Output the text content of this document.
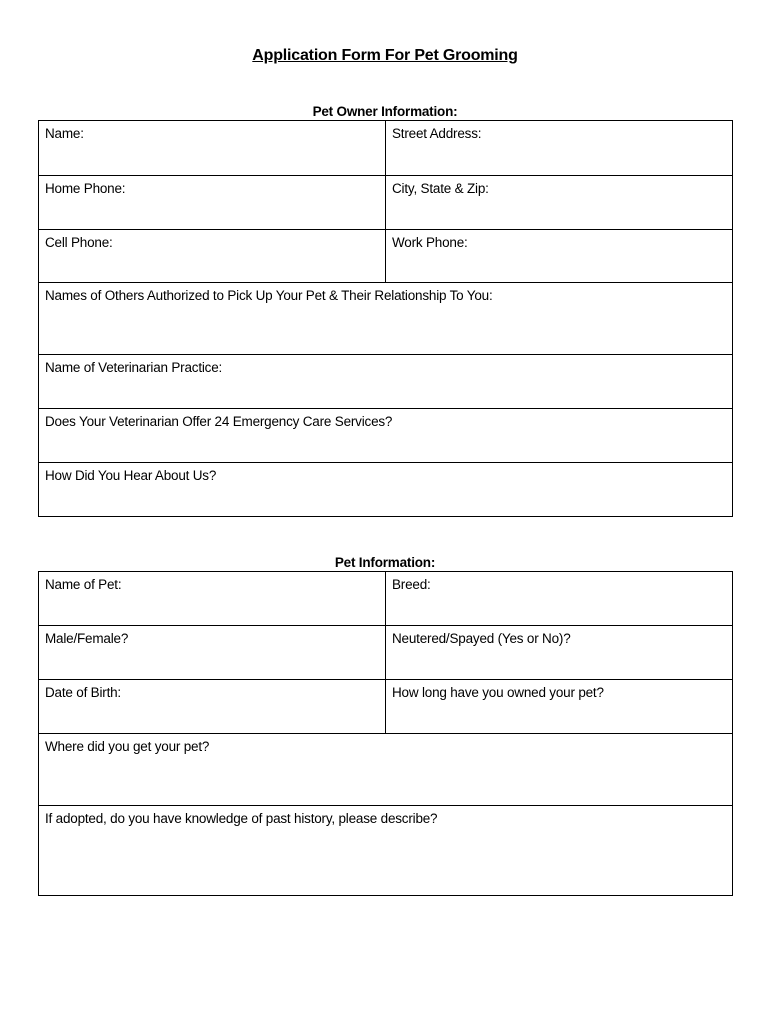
Application Form For Pet Grooming
Pet Owner Information:
Name:	Street Address:

Home Phone:	City, State & Zip:

Cell Phone:	Work Phone:

Names of Others Authorized to Pick Up Your Pet & Their Relationship To You:	

Name of Veterinarian Practice:	

Does Your Veterinarian Offer 24 Emergency Care Services?	

How Did You Hear About Us?	
Pet Information:
Name of Pet:	Breed:

Male/Female?	Neutered/Spayed (Yes or No)?

Date of Birth:	How long have you owned your pet?

Where did you get your pet?	

If adopted, do you have knowledge of past history, please describe?	
